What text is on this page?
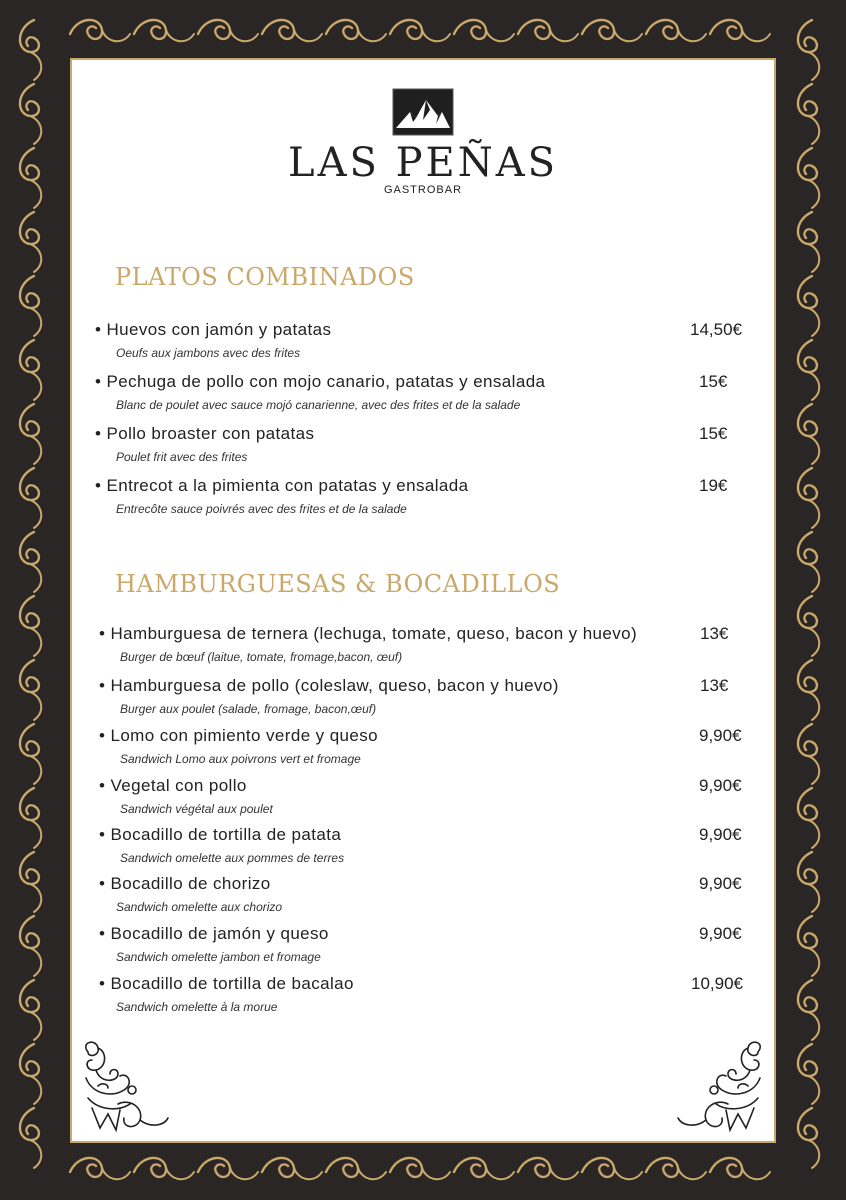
LAS PEÑAS
GASTROBAR
PLATOS COMBINADOS
• Huevos con jamón y patatas	14,50€
Oeufs aux jambons avec des frites
• Pechuga de pollo con mojo canario, patatas y ensalada	15€
Blanc de poulet avec sauce mojó canarienne, avec des frites et de la salade
• Pollo broaster con patatas	15€
Poulet frit avec des frites
• Entrecot a la pimienta con patatas y ensalada	19€
Entrecôte sauce poivrés avec des frites et de la salade
HAMBURGUESAS & BOCADILLOS
• Hamburguesa de ternera (lechuga, tomate, queso, bacon y huevo)	13€
Burger de bœuf (laitue, tomate, fromage,bacon, œuf)
• Hamburguesa de pollo (coleslaw, queso, bacon y huevo)	13€
Burger aux poulet (salade, fromage, bacon,œuf)
• Lomo con pimiento verde y queso	9,90€
Sandwich Lomo aux poivrons vert et fromage
• Vegetal con pollo	9,90€
Sandwich végétal aux poulet
• Bocadillo de tortilla de patata	9,90€
Sandwich omelette aux pommes de terres
• Bocadillo de chorizo	9,90€
Sandwich omelette aux chorizo
• Bocadillo de jamón y queso	9,90€
Sandwich omelette jambon et fromage
• Bocadillo de tortilla de bacalao	10,90€
Sandwich omelette à la morue
